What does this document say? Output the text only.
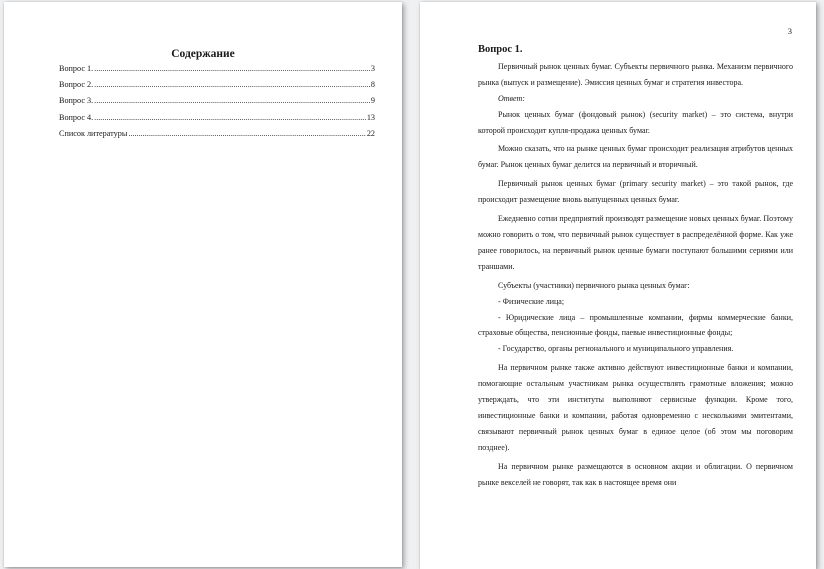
Содержание
Вопрос 1. .....	3
Вопрос 2. .....	8
Вопрос 3. .....	9
Вопрос 4. .....	13
Список литературы .....	22
3
Вопрос 1.

Первичный рынок ценных бумаг. Субъекты первичного рынка. Механизм первичного рынка (выпуск и размещение). Эмиссия ценных бумаг и стратегия инвестора.

Ответ:

Рынок ценных бумаг (фондовый рынок) (security market) – это система, внутри которой происходит купля-продажа ценных бумаг.

Можно сказать, что на рынке ценных бумаг происходит реализация атрибутов ценных бумаг. Рынок ценных бумаг делится на первичный и вторичный.

Первичный рынок ценных бумаг (primary security market) – это такой рынок, где происходит размещение вновь выпущенных ценных бумаг.

Ежедневно сотни предприятий производят размещение новых ценных бумаг. Поэтому можно говорить о том, что первичный рынок существует в распределённой форме. Как уже ранее говорилось, на первичный рынок ценные бумаги поступают большими сериями или траншами.

Субъекты (участники) первичного рынка ценных бумаг:

- Физические лица;

- Юридические лица – промышленные компании, фирмы коммерческие банки, страховые общества, пенсионные фонды, паевые инвестиционные фонды;

- Государство, органы регионального и муниципального управления.

На первичном рынке также активно действуют инвестиционные банки и компании, помогающие остальным участникам рынка осуществлять грамотные вложения; можно утверждать, что эти институты выполняют сервисные функции. Кроме того, инвестиционные банки и компании, работая одновременно с несколькими эмитентами, связывают первичный рынок ценных бумаг в единое целое (об этом мы поговорим позднее).

На первичном рынке размещаются в основном акции и облигации. О первичном рынке векселей не говорят, так как в настоящее время они
